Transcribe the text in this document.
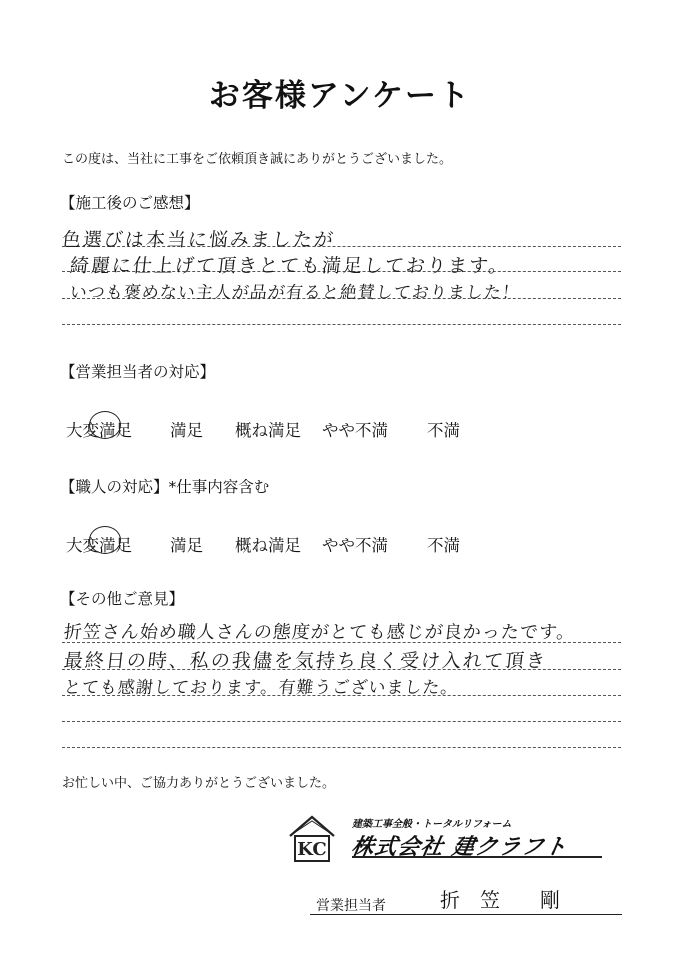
お客様アンケート
この度は、当社に工事をご依頼頂き誠にありがとうございました。
【施工後のご感想】
色選びは本当に悩みましたが
綺麗に仕上げて頂きとても満足しております。
いつも褒めない主人が品が有ると絶賛しておりました！
【営業担当者の対応】
大変満足 満足 概ね満足 やや不満 不満
【職人の対応】*仕事内容含む
大変満足 満足 概ね満足 やや不満 不満
【その他ご意見】
折笠さん始め職人さんの態度がとても感じが良かったです。
最終日の時、私の我儘を気持ち良く受け入れて頂き
とても感謝しております。有難うございました。
お忙しい中、ご協力ありがとうございました。
KC
建築工事全般・トータルリフォーム
株式会社 建クラフト
営業担当者	折　笠　　剛
